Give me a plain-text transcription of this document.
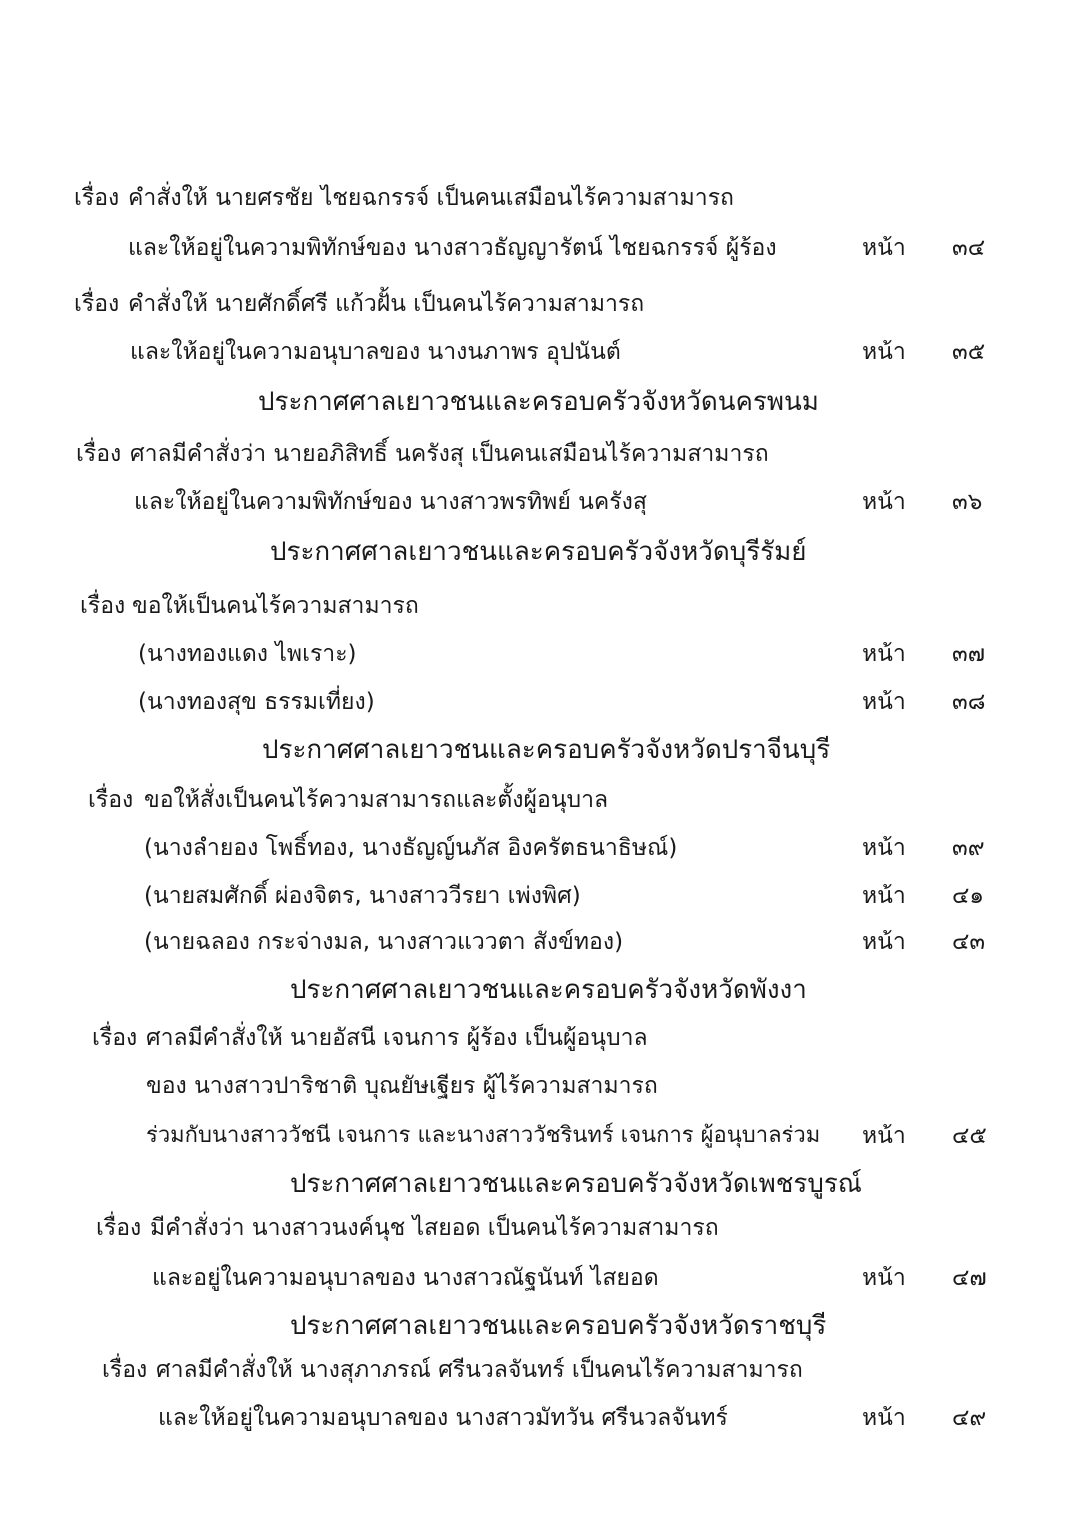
เรื่อง คำสั่งให้ นายศรชัย ไชยฉกรรจ์ เป็นคนเสมือนไร้ความสามารถ
และให้อยู่ในความพิทักษ์ของ นางสาวธัญญารัตน์ ไชยฉกรรจ์ ผู้ร้อง	หน้า ๓๔
เรื่อง คำสั่งให้ นายศักดิ์ศรี แก้วฝั้น เป็นคนไร้ความสามารถ
และให้อยู่ในความอนุบาลของ นางนภาพร อุปนันต์	หน้า ๓๕
ประกาศศาลเยาวชนและครอบครัวจังหวัดนครพนม
เรื่อง ศาลมีคำสั่งว่า นายอภิสิทธิ์ นครังสุ เป็นคนเสมือนไร้ความสามารถ
และให้อยู่ในความพิทักษ์ของ นางสาวพรทิพย์ นครังสุ	หน้า ๓๖
ประกาศศาลเยาวชนและครอบครัวจังหวัดบุรีรัมย์
เรื่อง ขอให้เป็นคนไร้ความสามารถ
(นางทองแดง ไพเราะ)	หน้า ๓๗
(นางทองสุข ธรรมเที่ยง)	หน้า ๓๘
ประกาศศาลเยาวชนและครอบครัวจังหวัดปราจีนบุรี
เรื่อง ขอให้สั่งเป็นคนไร้ความสามารถและตั้งผู้อนุบาล
(นางลำยอง โพธิ์ทอง, นางธัญญ์นภัส อิงครัตธนาธิษณ์)	หน้า ๓๙
(นายสมศักดิ์ ผ่องจิตร, นางสาววีรยา เพ่งพิศ)	หน้า ๔๑
(นายฉลอง กระจ่างมล, นางสาวแววตา สังข์ทอง)	หน้า ๔๓
ประกาศศาลเยาวชนและครอบครัวจังหวัดพังงา
เรื่อง ศาลมีคำสั่งให้ นายอัสนี เจนการ ผู้ร้อง เป็นผู้อนุบาล
ของ นางสาวปาริชาติ บุณยัษเฐียร ผู้ไร้ความสามารถ
ร่วมกับนางสาววัชนี เจนการ และนางสาววัชรินทร์ เจนการ ผู้อนุบาลร่วม หน้า ๔๕
ประกาศศาลเยาวชนและครอบครัวจังหวัดเพชรบูรณ์
เรื่อง มีคำสั่งว่า นางสาวนงค์นุช ไสยอด เป็นคนไร้ความสามารถ
และอยู่ในความอนุบาลของ นางสาวณัฐนันท์ ไสยอด	หน้า ๔๗
ประกาศศาลเยาวชนและครอบครัวจังหวัดราชบุรี
เรื่อง ศาลมีคำสั่งให้ นางสุภาภรณ์ ศรีนวลจันทร์ เป็นคนไร้ความสามารถ
และให้อยู่ในความอนุบาลของ นางสาวมัทวัน ศรีนวลจันทร์	หน้า ๔๙
